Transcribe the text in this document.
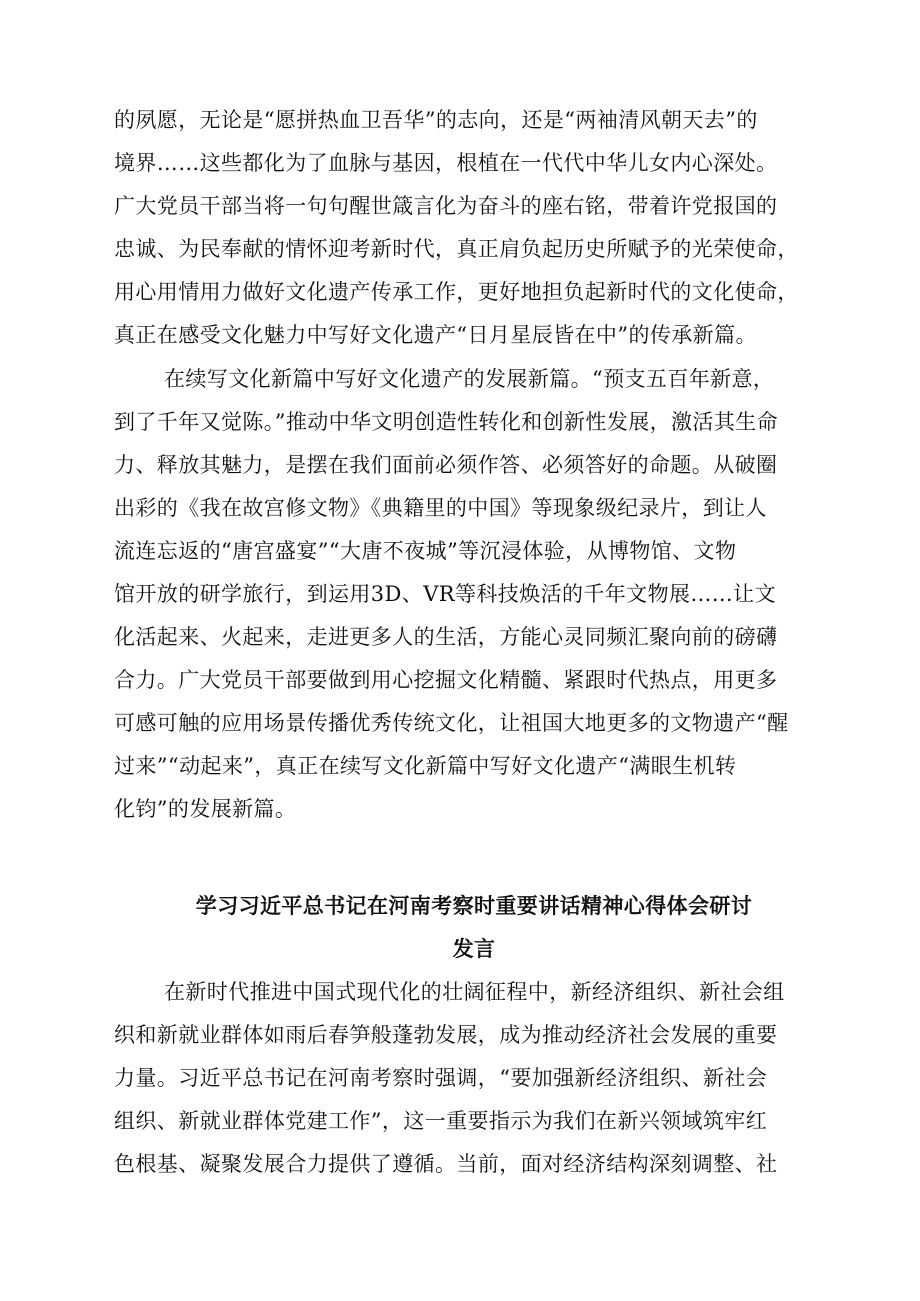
的夙愿，无论是“愿拼热血卫吾华”的志向，还是“两袖清风朝天去”的
境界……这些都化为了血脉与基因，根植在一代代中华儿女内心深处。
广大党员干部当将一句句醒世箴言化为奋斗的座右铭，带着许党报国的
忠诚、为民奉献的情怀迎考新时代，真正肩负起历史所赋予的光荣使命，
用心用情用力做好文化遗产传承工作，更好地担负起新时代的文化使命，
真正在感受文化魅力中写好文化遗产“日月星辰皆在中”的传承新篇。
在续写文化新篇中写好文化遗产的发展新篇。“预支五百年新意，
到了千年又觉陈。”推动中华文明创造性转化和创新性发展，激活其生命
力、释放其魅力，是摆在我们面前必须作答、必须答好的命题。从破圈
出彩的《我在故宫修文物》《典籍里的中国》等现象级纪录片，到让人
流连忘返的“唐宫盛宴”“大唐不夜城”等沉浸体验，从博物馆、文物
馆开放的研学旅行，到运用3D、VR等科技焕活的千年文物展……让文
化活起来、火起来，走进更多人的生活，方能心灵同频汇聚向前的磅礴
合力。广大党员干部要做到用心挖掘文化精髓、紧跟时代热点，用更多
可感可触的应用场景传播优秀传统文化，让祖国大地更多的文物遗产“醒
过来”“动起来”，真正在续写文化新篇中写好文化遗产“满眼生机转
化钧”的发展新篇。
学习习近平总书记在河南考察时重要讲话精神心得体会研讨
发言
在新时代推进中国式现代化的壮阔征程中，新经济组织、新社会组
织和新就业群体如雨后春笋般蓬勃发展，成为推动经济社会发展的重要
力量。习近平总书记在河南考察时强调，“要加强新经济组织、新社会
组织、新就业群体党建工作”，这一重要指示为我们在新兴领域筑牢红
色根基、凝聚发展合力提供了遵循。当前，面对经济结构深刻调整、社
